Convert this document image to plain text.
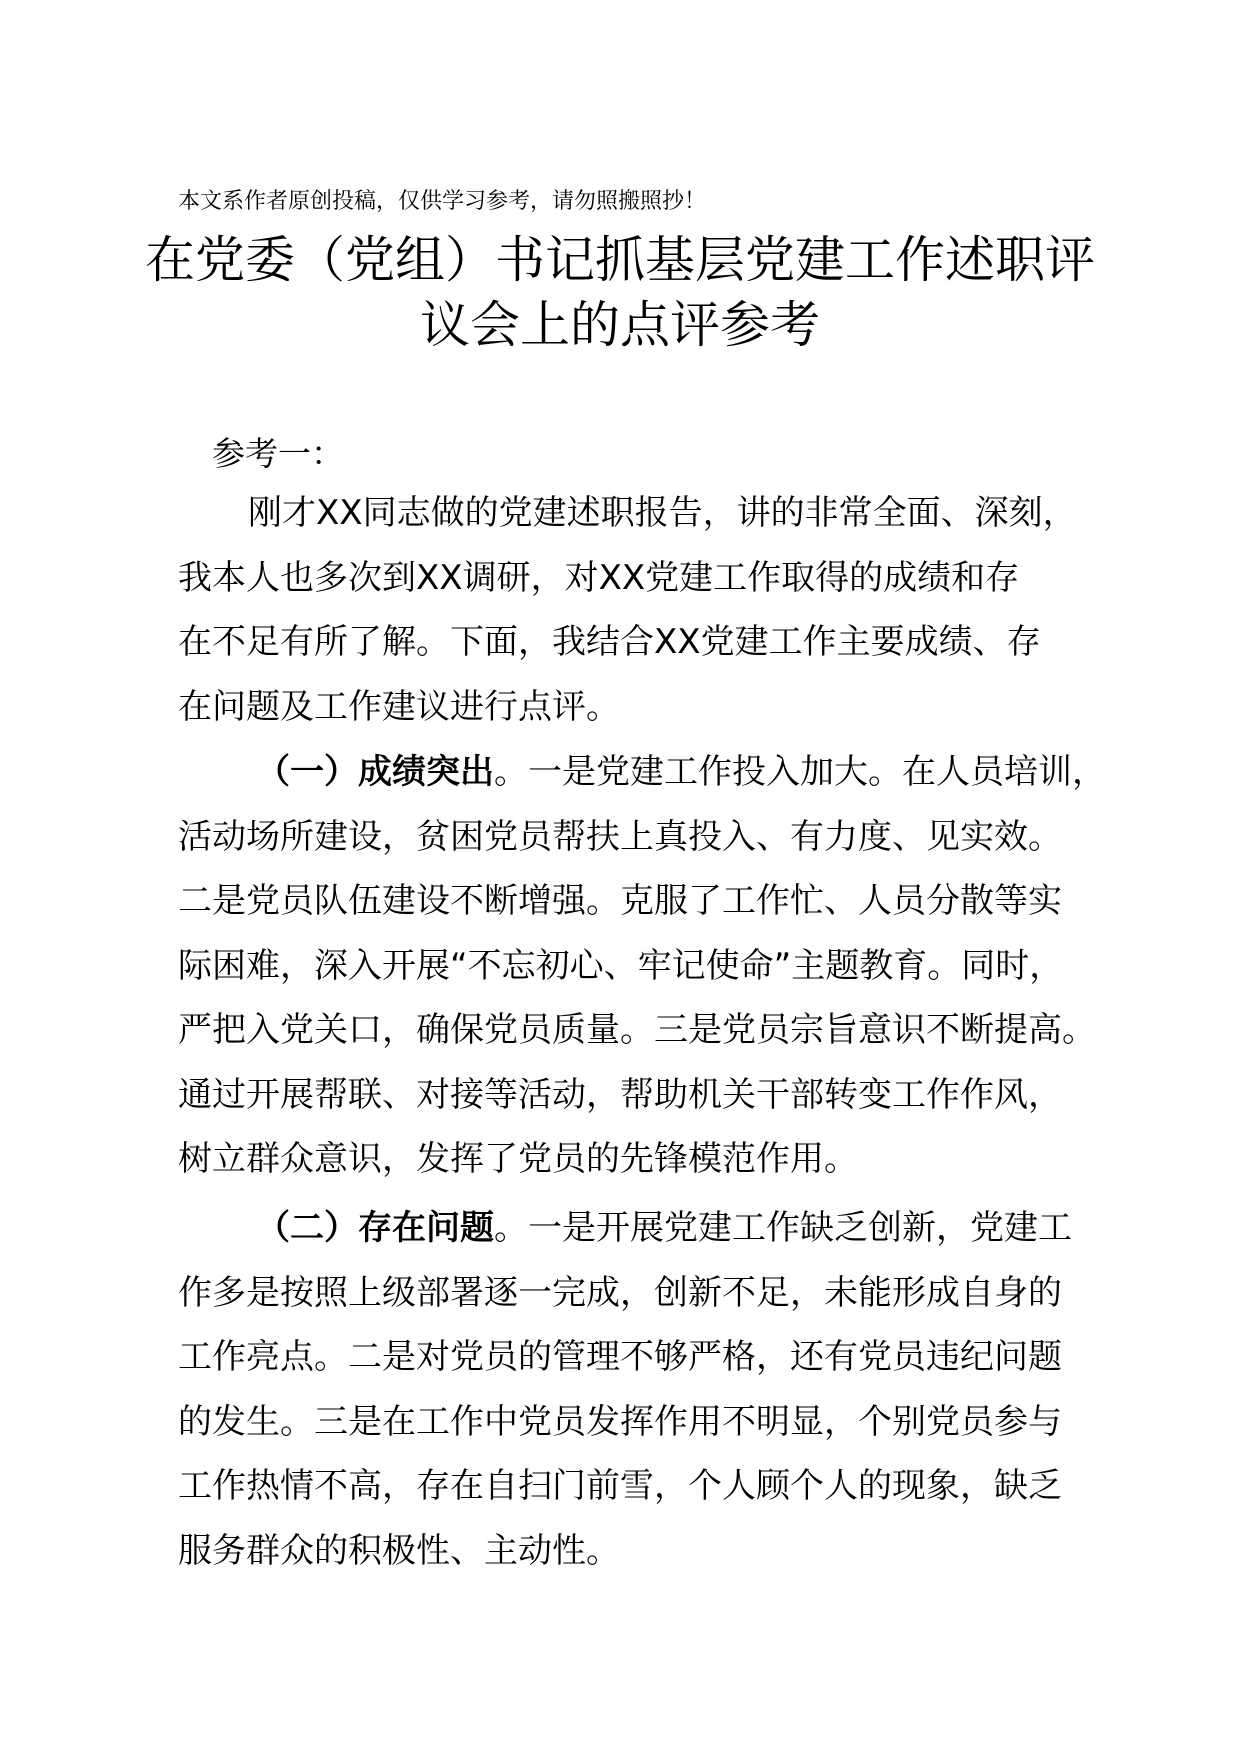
本文系作者原创投稿，仅供学习参考，请勿照搬照抄！
在党委（党组）书记抓基层党建工作述职评
议会上的点评参考
参考一：
刚才XX同志做的党建述职报告，讲的非常全面、深刻，
我本人也多次到XX调研，对XX党建工作取得的成绩和存
在不足有所了解。下面，我结合XX党建工作主要成绩、存
在问题及工作建议进行点评。
（一）成绩突出。一是党建工作投入加大。在人员培训，
活动场所建设，贫困党员帮扶上真投入、有力度、见实效。
二是党员队伍建设不断增强。克服了工作忙、人员分散等实
际困难，深入开展“不忘初心、牢记使命”主题教育。同时，
严把入党关口，确保党员质量。三是党员宗旨意识不断提高。
通过开展帮联、对接等活动，帮助机关干部转变工作作风，
树立群众意识，发挥了党员的先锋模范作用。
（二）存在问题。一是开展党建工作缺乏创新，党建工
作多是按照上级部署逐一完成，创新不足，未能形成自身的
工作亮点。二是对党员的管理不够严格，还有党员违纪问题
的发生。三是在工作中党员发挥作用不明显，个别党员参与
工作热情不高，存在自扫门前雪，个人顾个人的现象，缺乏
服务群众的积极性、主动性。
